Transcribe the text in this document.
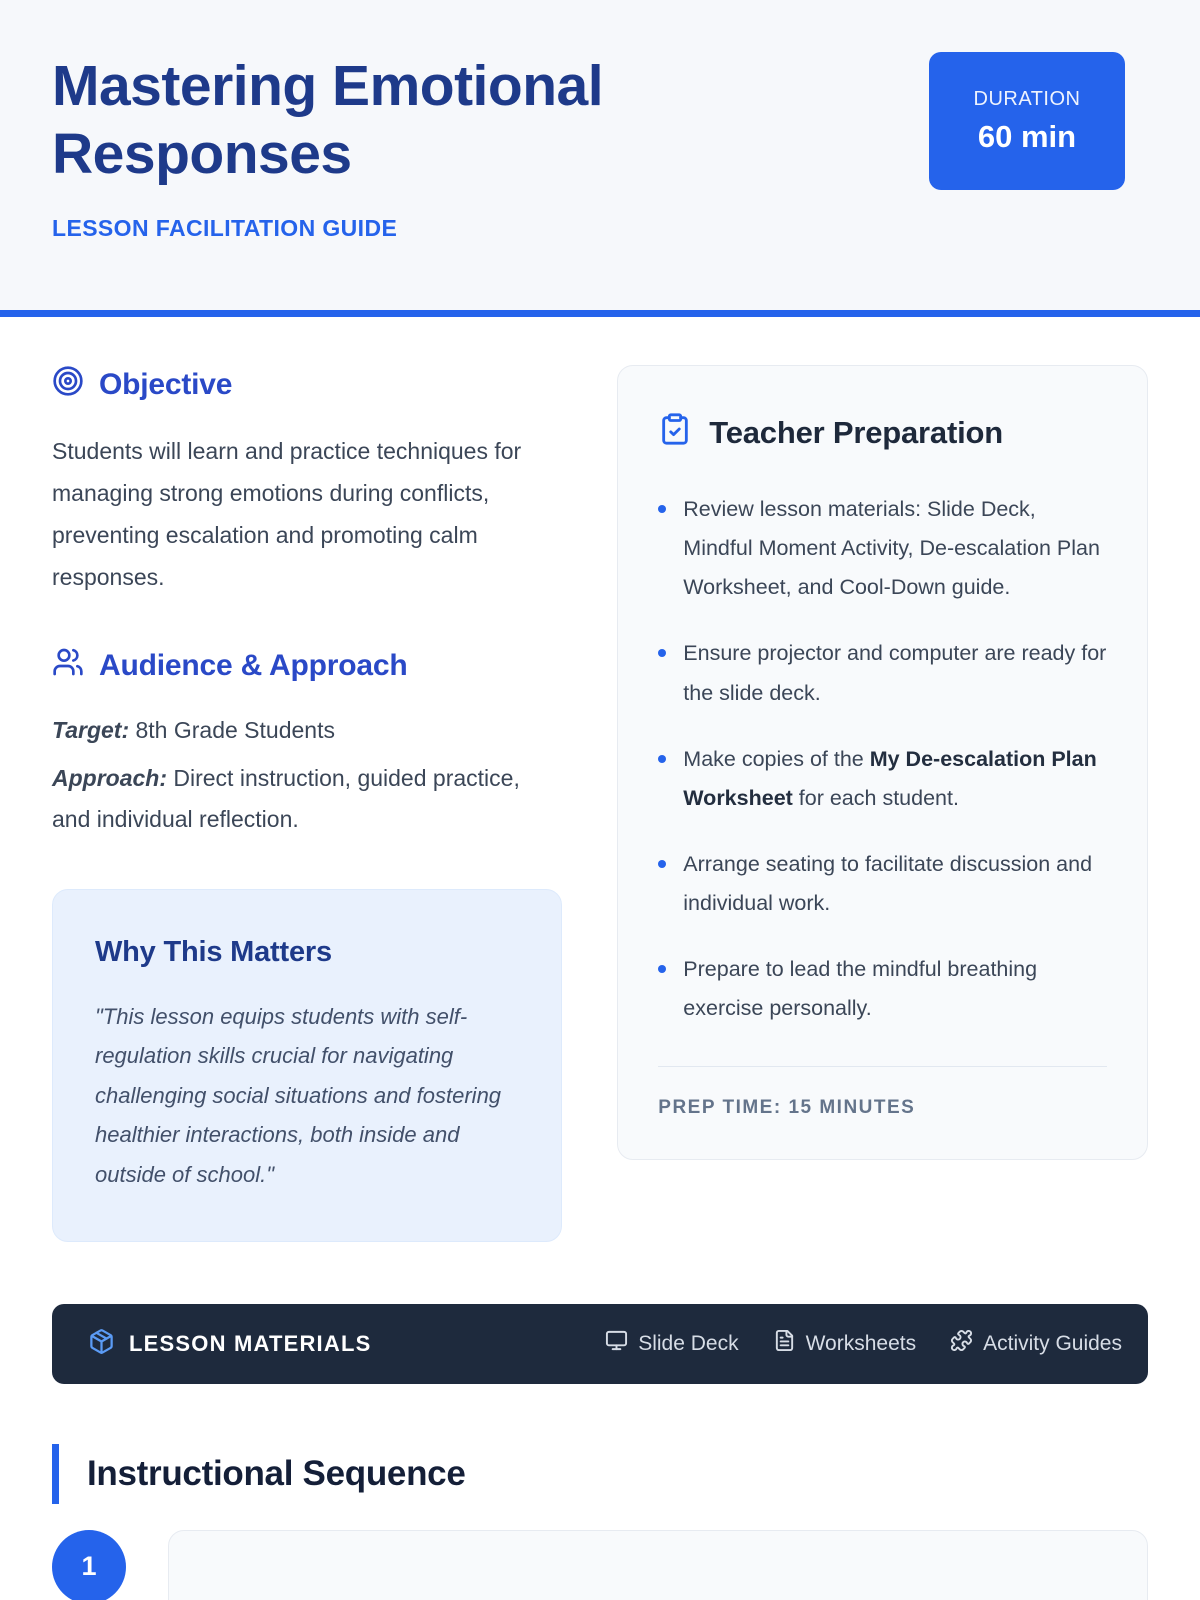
Mastering Emotional Responses
LESSON FACILITATION GUIDE
DURATION
60 min
Objective

Students will learn and practice techniques for managing strong emotions during conflicts, preventing escalation and promoting calm responses.

Audience & Approach

Target: 8th Grade Students

Approach: Direct instruction, guided practice, and individual reflection.

Why This Matters

"This lesson equips students with self-regulation skills crucial for navigating challenging social situations and fostering healthier interactions, both inside and outside of school."

Teacher Preparation
Review lesson materials: Slide Deck, Mindful Moment Activity, De-escalation Plan Worksheet, and Cool-Down guide.
Ensure projector and computer are ready for the slide deck.
Make copies of the My De-escalation Plan Worksheet for each student.
Arrange seating to facilitate discussion and individual work.
Prepare to lead the mindful breathing exercise personally.
PREP TIME: 15 MINUTES
LESSON MATERIALS	Slide Deck	Worksheets	Activity Guides
Instructional Sequence
1
